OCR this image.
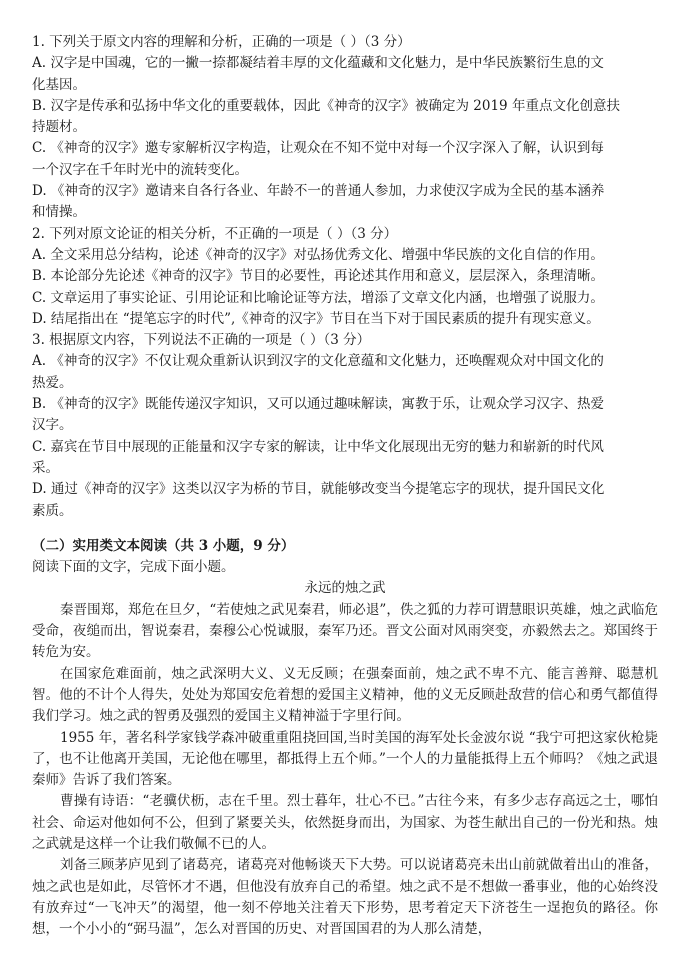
1. 下列关于原文内容的理解和分析，正确的一项是（ ）（3 分）
A. 汉字是中国魂，它的一撇一捺都凝结着丰厚的文化蕴藏和文化魅力，是中华民族繁衍生息的文
化基因。
B. 汉字是传承和弘扬中华文化的重要载体，因此《神奇的汉字》被确定为 2019 年重点文化创意扶
持题材。
C. 《神奇的汉字》邀专家解析汉字构造，让观众在不知不觉中对每一个汉字深入了解，认识到每
一个汉字在千年时光中的流转变化。
D. 《神奇的汉字》邀请来自各行各业、年龄不一的普通人参加，力求使汉字成为全民的基本涵养
和情操。
2. 下列对原文论证的相关分析，不正确的一项是（ ）（3 分）
A. 全文采用总分结构，论述《神奇的汉字》对弘扬优秀文化、增强中华民族的文化自信的作用。
B. 本论部分先论述《神奇的汉字》节目的必要性，再论述其作用和意义，层层深入，条理清晰。
C. 文章运用了事实论证、引用论证和比喻论证等方法，增添了文章文化内涵，也增强了说服力。
D. 结尾指出在 “提笔忘字的时代”,《神奇的汉字》节目在当下对于国民素质的提升有现实意义。
3. 根据原文内容，下列说法不正确的一项是（ ）（3 分）
A. 《神奇的汉字》不仅让观众重新认识到汉字的文化意蕴和文化魅力，还唤醒观众对中国文化的
热爱。
B. 《神奇的汉字》既能传递汉字知识，又可以通过趣味解读，寓教于乐，让观众学习汉字、热爱
汉字。
C. 嘉宾在节目中展现的正能量和汉字专家的解读，让中华文化展现出无穷的魅力和崭新的时代风
采。
D. 通过《神奇的汉字》这类以汉字为桥的节目，就能够改变当今提笔忘字的现状，提升国民文化
素质。
（二）实用类文本阅读（共 3 小题，9 分）
阅读下面的文字，完成下面小题。
永远的烛之武

秦晋围郑，郑危在旦夕，“若使烛之武见秦君，师必退”，佚之狐的力荐可谓慧眼识英雄，烛之武临危受命，夜缒而出，智说秦君，秦穆公心悦诚服，秦军乃还。晋文公面对风雨突变，亦毅然去之。郑国终于转危为安。

在国家危难面前，烛之武深明大义、义无反顾；在强秦面前，烛之武不卑不亢、能言善辩、聪慧机智。他的不计个人得失，处处为郑国安危着想的爱国主义精神，他的义无反顾赴敌营的信心和勇气都值得我们学习。烛之武的智勇及强烈的爱国主义精神溢于字里行间。

1955 年，著名科学家钱学森冲破重重阻挠回国,当时美国的海军处长金波尔说 “我宁可把这家伙枪毙了，也不让他离开美国，无论他在哪里，都抵得上五个师。”一个人的力量能抵得上五个师吗？《烛之武退秦师》告诉了我们答案。

曹操有诗语：“老骥伏枥，志在千里。烈士暮年，壮心不已。”古往今来，有多少志存高远之士，哪怕社会、命运对他如何不公，但到了紧要关头，依然挺身而出，为国家、为苍生献出自己的一份光和热。烛之武就是这样一个让我们敬佩不已的人。

刘备三顾茅庐见到了诸葛亮，诸葛亮对他畅谈天下大势。可以说诸葛亮未出山前就做着出山的准备，烛之武也是如此，尽管怀才不遇，但他没有放弃自己的希望。烛之武不是不想做一番事业，他的心始终没有放弃过“一飞冲天”的渴望，他一刻不停地关注着天下形势，思考着定天下济苍生一逞抱负的路径。你想，一个小小的“弼马温”，怎么对晋国的历史、对晋国国君的为人那么清楚，
